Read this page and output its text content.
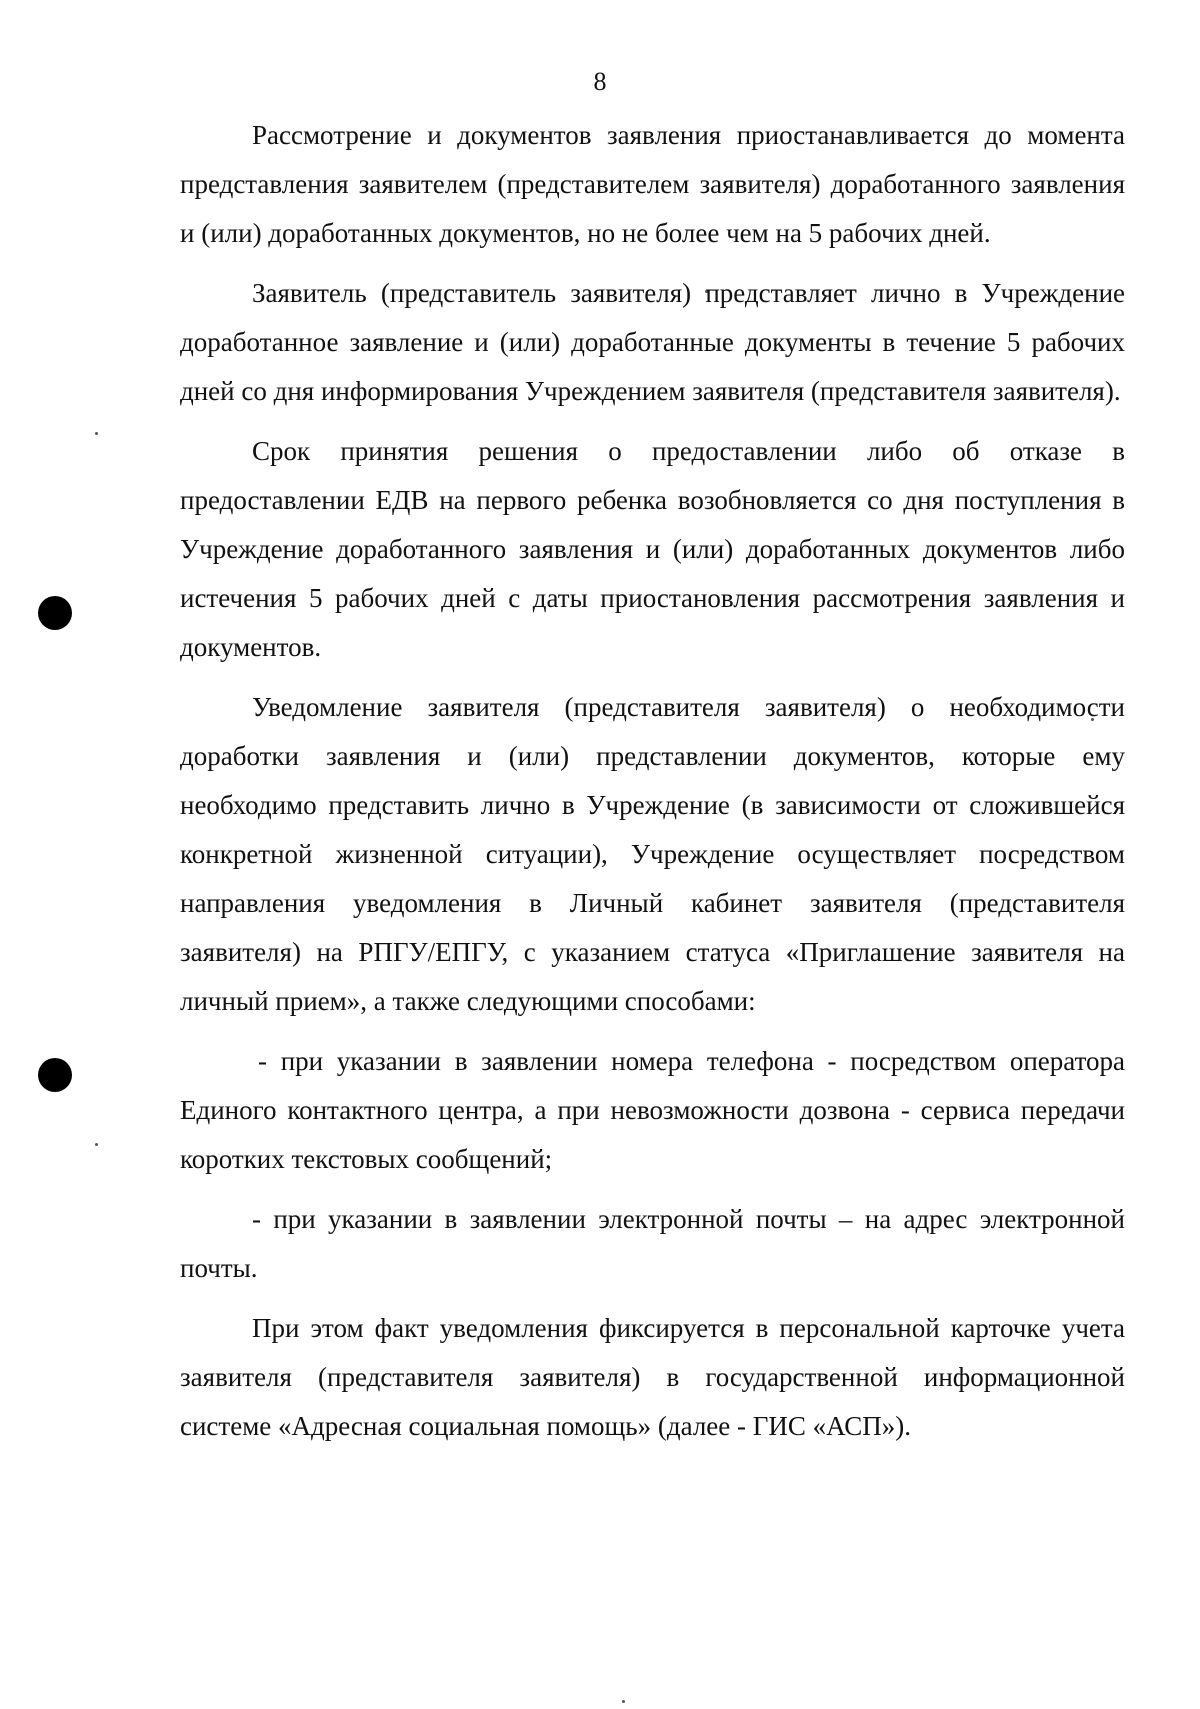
8

Рассмотрение и документов заявления приостанавливается до момента представления заявителем (представителем заявителя) доработанного заявления и (или) доработанных документов, но не более чем на 5 рабочих дней.

Заявитель (представитель заявителя) представляет лично в Учреждение доработанное заявление и (или) доработанные документы в течение 5 рабочих дней со дня информирования Учреждением заявителя (представителя заявителя).

Срок принятия решения о предоставлении либо об отказе в предоставлении ЕДВ на первого ребенка возобновляется со дня поступления в Учреждение доработанного заявления и (или) доработанных документов либо истечения 5 рабочих дней с даты приостановления рассмотрения заявления и документов.

Уведомление заявителя (представителя заявителя) о необходимости доработки заявления и (или) представлении документов, которые ему необходимо представить лично в Учреждение (в зависимости от сложившейся конкретной жизненной ситуации), Учреждение осуществляет посредством направления уведомления в Личный кабинет заявителя (представителя заявителя) на РПГУ/ЕПГУ, с указанием статуса «Приглашение заявителя на личный прием», а также следующими способами:

- при указании в заявлении номера телефона - посредством оператора Единого контактного центра, а при невозможности дозвона - сервиса передачи коротких текстовых сообщений;

- при указании в заявлении электронной почты – на адрес электронной почты.

При этом факт уведомления фиксируется в персональной карточке учета заявителя (представителя заявителя) в государственной информационной системе «Адресная социальная помощь» (далее - ГИС «АСП»).
